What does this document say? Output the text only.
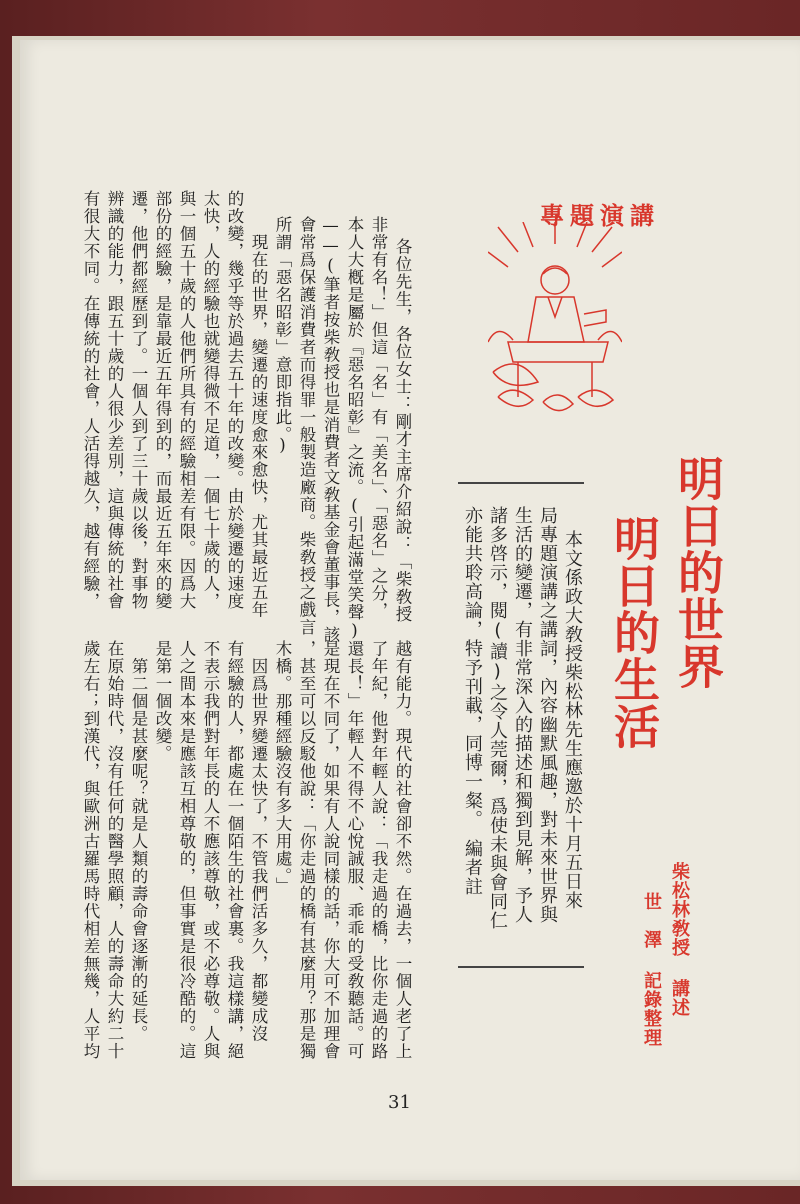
專題演講
明日的世界
明日的生活
柴松林敎授 講述
世　澤 記錄整理
本文係政大敎授柴松林先生應邀於十月五日來
局專題演講之講詞，內容幽默風趣，對未來世界與
生活的變遷，有非常深入的描述和獨到見解，予人
諸多啓示，閱(讀)之令人莞爾，爲使未與會同仁
亦能共聆高論，特予刊載，同博一粲。　編者註
各位先生，各位女士：剛才主席介紹說：「柴敎授
非常有名！」但這「名」有「美名」、「惡名」之分，
本人大槪是屬於『惡名昭彰』之流。(引起滿堂笑聲)
——(筆者按柴敎授也是消費者文敎基金會董事長，該
會常爲保護消費者而得罪一般製造廠商。柴敎授之戲言
所謂「惡名昭彰」意即指此。)
　現在的世界，變遷的速度愈來愈快，尤其最近五年
的改變，幾乎等於過去五十年的改變。由於變遷的速度
太快，人的經驗也就變得微不足道，一個七十歲的人，
與一個五十歲的人他們所具有的經驗相差有限。因爲大
部份的經驗，是靠最近五年得到的，而最近五年來的變
遷，他們都經歷到了。一個人到了三十歲以後，對事物
辨識的能力，跟五十歲的人很少差別，這與傳統的社會
有很大不同。在傳統的社會，人活得越久，越有經驗，
越有能力。現代的社會卻不然。在過去，一個人老了上
了年紀，他對年輕人說：「我走過的橋，比你走過的路
還長！」年輕人不得不心悅誠服、乖乖的受敎聽話。可
是現在不同了，如果有人說同樣的話，你大可不加理會
，甚至可以反駁他說：「你走過的橋有甚麼用？那是獨
木橋。那種經驗沒有多大用處。」
　因爲世界變遷太快了，不管我們活多久，都變成沒
有經驗的人，都處在一個陌生的社會裏。我這樣講，絕
不表示我們對年長的人不應該尊敬，或不必尊敬。人與
人之間本來是應該互相尊敬的，但事實是很冷酷的。這
是第一個改變。
　第二個是甚麼呢？就是人類的壽命會逐漸的延長。
在原始時代，沒有任何的醫學照顧，人的壽命大約二十
歲左右；到漢代，與歐洲古羅馬時代相差無幾，人平均
31
